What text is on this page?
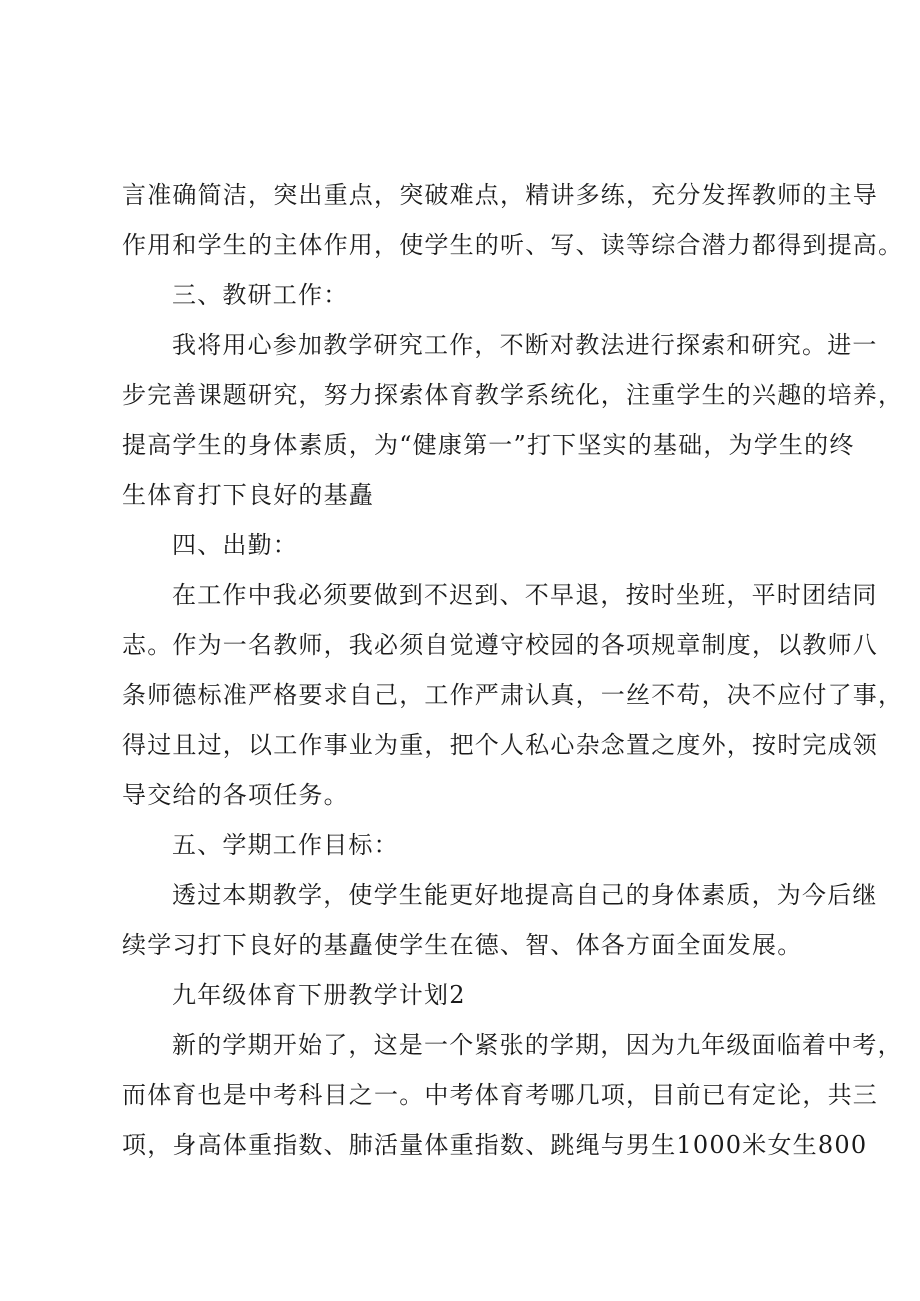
言准确简洁，突出重点，突破难点，精讲多练，充分发挥教师的主导
作用和学生的主体作用，使学生的听、写、读等综合潜力都得到提高。
三、教研工作：
我将用心参加教学研究工作，不断对教法进行探索和研究。进一
步完善课题研究，努力探索体育教学系统化，注重学生的兴趣的培养，
提高学生的身体素质，为“健康第一”打下坚实的基础，为学生的终
生体育打下良好的基矗
四、出勤：
在工作中我必须要做到不迟到、不早退，按时坐班，平时团结同
志。作为一名教师，我必须自觉遵守校园的各项规章制度，以教师八
条师德标准严格要求自己，工作严肃认真，一丝不苟，决不应付了事，
得过且过，以工作事业为重，把个人私心杂念置之度外，按时完成领
导交给的各项任务。
五、学期工作目标：
透过本期教学，使学生能更好地提高自己的身体素质，为今后继
续学习打下良好的基矗使学生在德、智、体各方面全面发展。
九年级体育下册教学计划2
新的学期开始了，这是一个紧张的学期，因为九年级面临着中考，
而体育也是中考科目之一。中考体育考哪几项，目前已有定论，共三
项，身高体重指数、肺活量体重指数、跳绳与男生1000米女生800
